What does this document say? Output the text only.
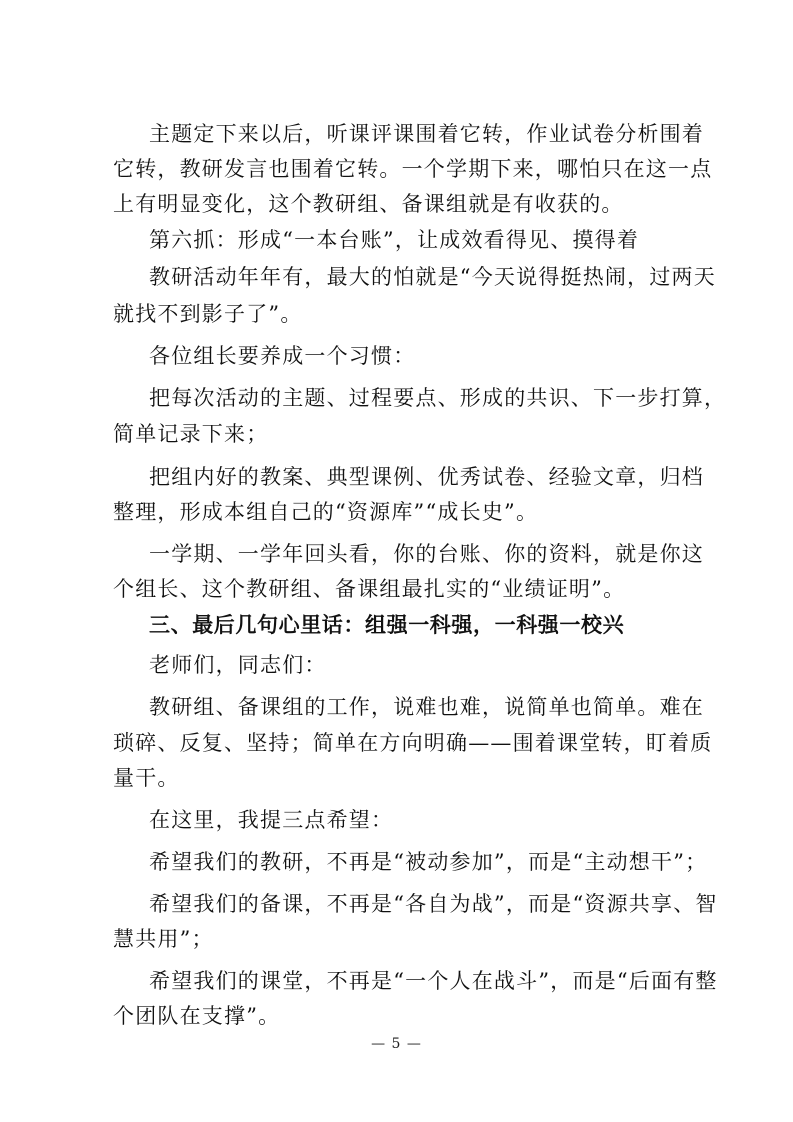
主题定下来以后，听课评课围着它转，作业试卷分析围着
它转，教研发言也围着它转。一个学期下来，哪怕只在这一点
上有明显变化，这个教研组、备课组就是有收获的。
第六抓：形成“一本台账”，让成效看得见、摸得着
教研活动年年有，最大的怕就是“今天说得挺热闹，过两天
就找不到影子了”。
各位组长要养成一个习惯：
把每次活动的主题、过程要点、形成的共识、下一步打算，
简单记录下来；
把组内好的教案、典型课例、优秀试卷、经验文章，归档
整理，形成本组自己的“资源库”“成长史”。
一学期、一学年回头看，你的台账、你的资料，就是你这
个组长、这个教研组、备课组最扎实的“业绩证明”。
三、最后几句心里话：组强一科强，一科强一校兴
老师们，同志们：
教研组、备课组的工作，说难也难，说简单也简单。难在
琐碎、反复、坚持；简单在方向明确——围着课堂转，盯着质
量干。
在这里，我提三点希望：
希望我们的教研，不再是“被动参加”，而是“主动想干”；
希望我们的备课，不再是“各自为战”，而是“资源共享、智
慧共用”；
希望我们的课堂，不再是“一个人在战斗”，而是“后面有整
个团队在支撑”。
— 5 —
